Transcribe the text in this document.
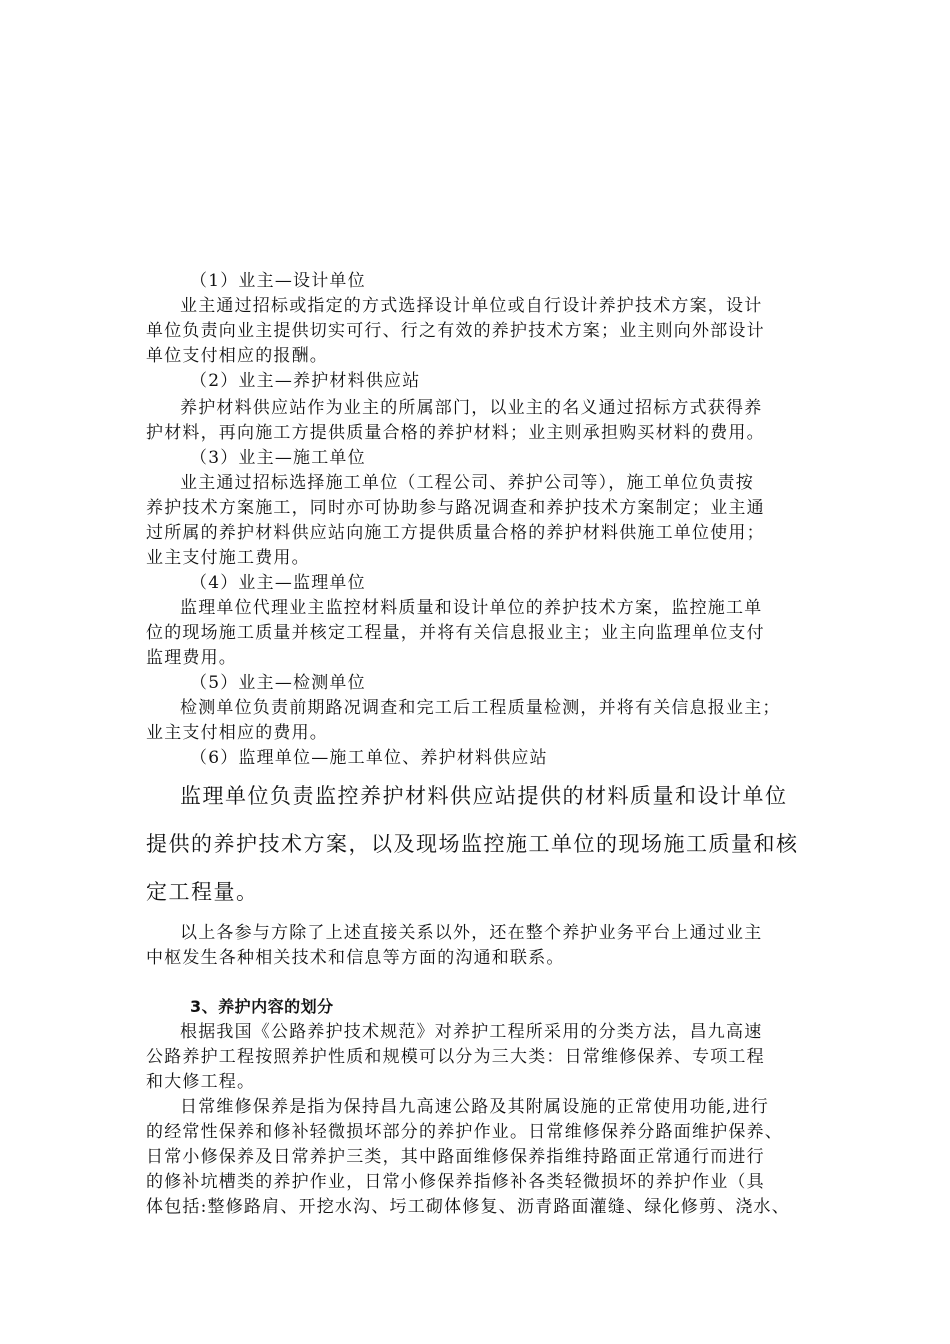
（1）业主—设计单位
业主通过招标或指定的方式选择设计单位或自行设计养护技术方案，设计
单位负责向业主提供切实可行、行之有效的养护技术方案；业主则向外部设计
单位支付相应的报酬。
（2）业主—养护材料供应站
养护材料供应站作为业主的所属部门，以业主的名义通过招标方式获得养
护材料，再向施工方提供质量合格的养护材料；业主则承担购买材料的费用。
（3）业主—施工单位
业主通过招标选择施工单位（工程公司、养护公司等），施工单位负责按
养护技术方案施工，同时亦可协助参与路况调查和养护技术方案制定；业主通
过所属的养护材料供应站向施工方提供质量合格的养护材料供施工单位使用；
业主支付施工费用。
（4）业主—监理单位
监理单位代理业主监控材料质量和设计单位的养护技术方案，监控施工单
位的现场施工质量并核定工程量，并将有关信息报业主；业主向监理单位支付
监理费用。
（5）业主—检测单位
检测单位负责前期路况调查和完工后工程质量检测，并将有关信息报业主；
业主支付相应的费用。
（6）监理单位—施工单位、养护材料供应站
监理单位负责监控养护材料供应站提供的材料质量和设计单位
提供的养护技术方案，以及现场监控施工单位的现场施工质量和核
定工程量。
以上各参与方除了上述直接关系以外，还在整个养护业务平台上通过业主
中枢发生各种相关技术和信息等方面的沟通和联系。
3、养护内容的划分
根据我国《公路养护技术规范》对养护工程所采用的分类方法，昌九高速
公路养护工程按照养护性质和规模可以分为三大类：日常维修保养、专项工程
和大修工程。
日常维修保养是指为保持昌九高速公路及其附属设施的正常使用功能,进行
的经常性保养和修补轻微损坏部分的养护作业。日常维修保养分路面维护保养、
日常小修保养及日常养护三类，其中路面维修保养指维持路面正常通行而进行
的修补坑槽类的养护作业，日常小修保养指修补各类轻微损坏的养护作业（具
体包括:整修路肩、开挖水沟、圬工砌体修复、沥青路面灌缝、绿化修剪、浇水、
